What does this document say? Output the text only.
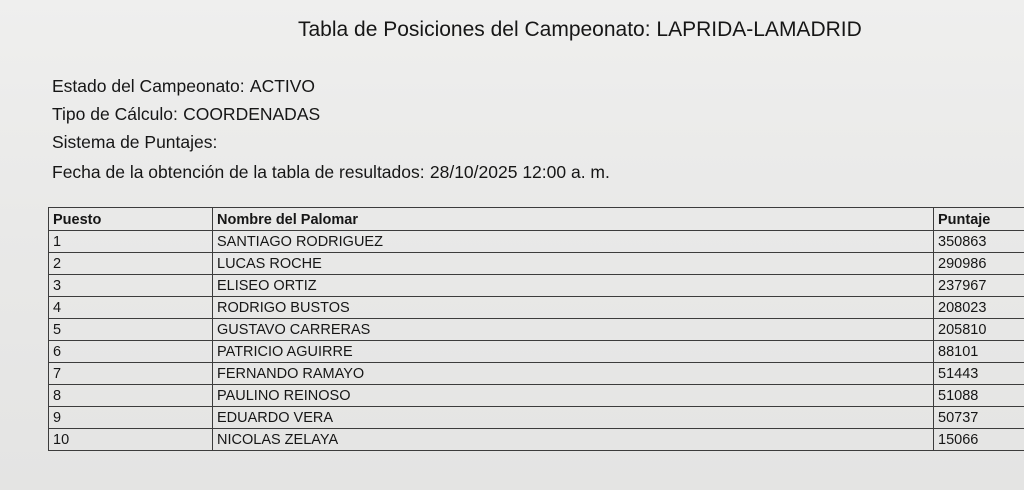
Tabla de Posiciones del Campeonato: LAPRIDA-LAMADRID
Estado del Campeonato: ACTIVO
Tipo de Cálculo: COORDENADAS
Sistema de Puntajes:
Fecha de la obtención de la tabla de resultados: 28/10/2025 12:00 a. m.
Puesto	Nombre del Palomar	Puntaje
1	SANTIAGO RODRIGUEZ	350863
2	LUCAS ROCHE	290986
3	ELISEO ORTIZ	237967
4	RODRIGO BUSTOS	208023
5	GUSTAVO CARRERAS	205810
6	PATRICIO AGUIRRE	88101
7	FERNANDO RAMAYO	51443
8	PAULINO REINOSO	51088
9	EDUARDO VERA	50737
10	NICOLAS ZELAYA	15066
